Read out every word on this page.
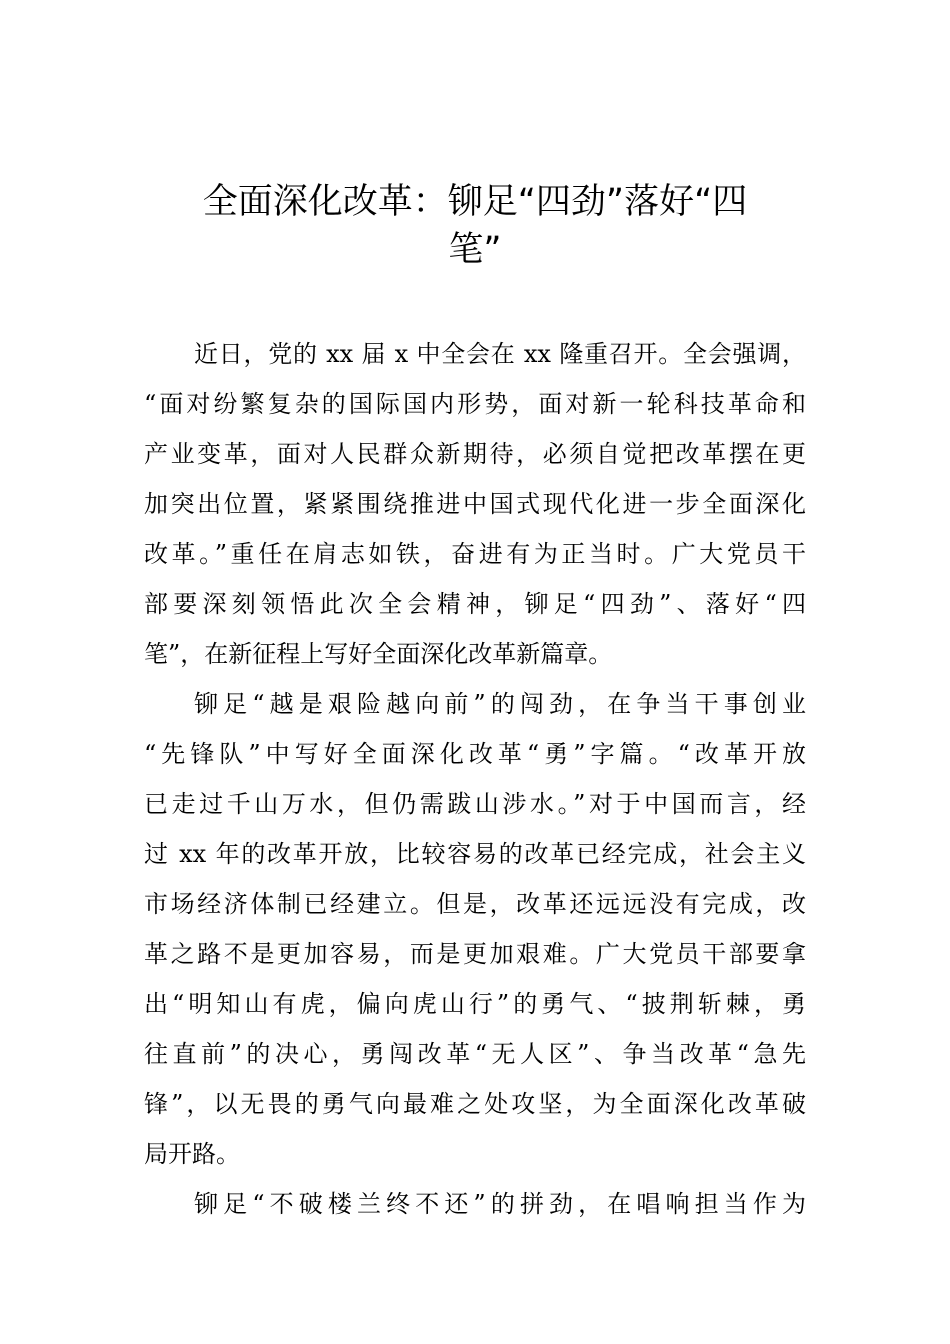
全面深化改革：铆足“四劲”落好“四
笔”
近日，党的 xx 届 x 中全会在 xx 隆重召开。全会强调，
“面对纷繁复杂的国际国内形势，面对新一轮科技革命和
产业变革，面对人民群众新期待，必须自觉把改革摆在更
加突出位置，紧紧围绕推进中国式现代化进一步全面深化
改革。”重任在肩志如铁，奋进有为正当时。广大党员干
部要深刻领悟此次全会精神，铆足“四劲”、落好“四
笔”，在新征程上写好全面深化改革新篇章。
铆足“越是艰险越向前”的闯劲，在争当干事创业
“先锋队”中写好全面深化改革“勇”字篇。“改革开放
已走过千山万水，但仍需跋山涉水。”对于中国而言，经
过 xx 年的改革开放，比较容易的改革已经完成，社会主义
市场经济体制已经建立。但是，改革还远远没有完成，改
革之路不是更加容易，而是更加艰难。广大党员干部要拿
出“明知山有虎，偏向虎山行”的勇气、“披荆斩棘，勇
往直前”的决心，勇闯改革“无人区”、争当改革“急先
锋”，以无畏的勇气向最难之处攻坚，为全面深化改革破
局开路。
铆足“不破楼兰终不还”的拼劲，在唱响担当作为
